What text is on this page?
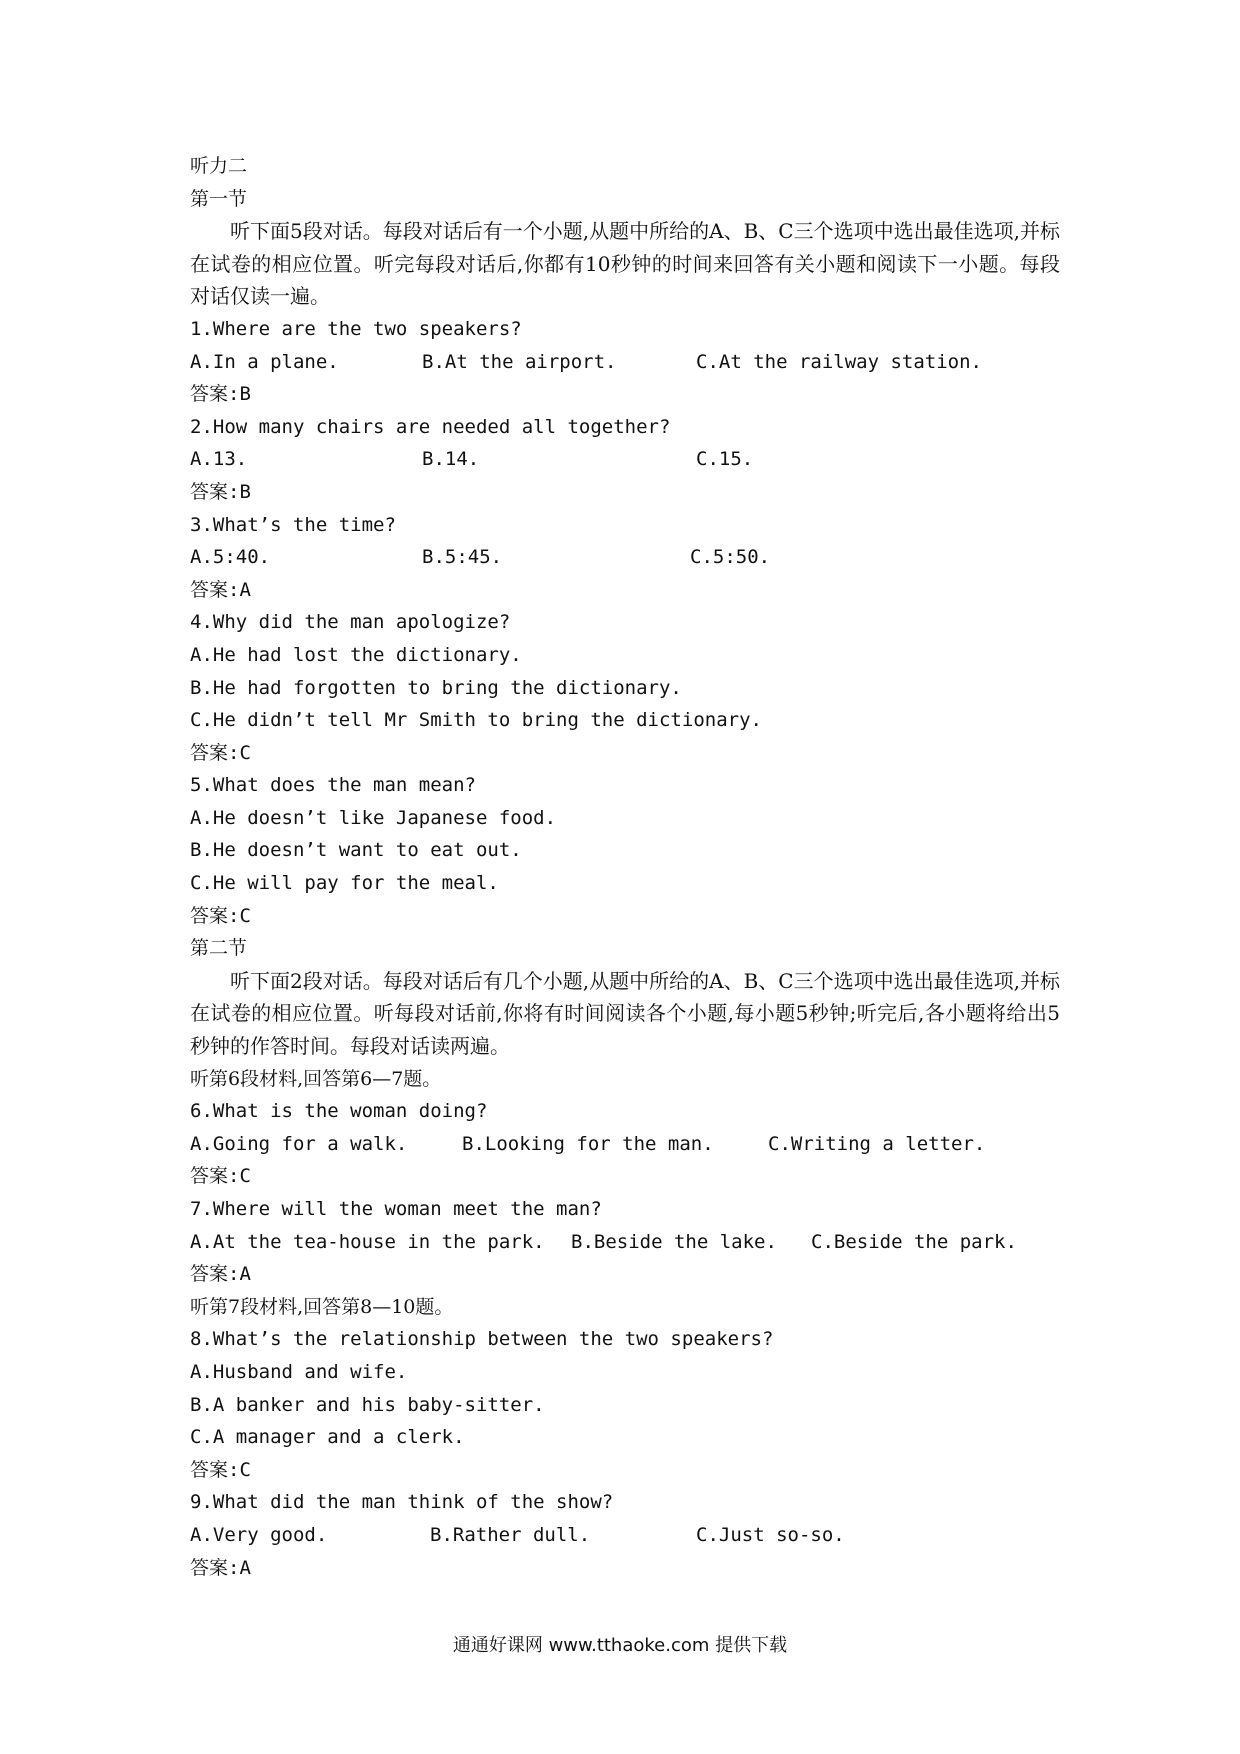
听力二
第一节

听下面5段对话。每段对话后有一个小题,从题中所给的A、B、C三个选项中选出最佳选项,并标在试卷的相应位置。听完每段对话后,你都有10秒钟的时间来回答有关小题和阅读下一小题。每段对话仅读一遍。

1.Where are the two speakers?
A.In a plane.	B.At the airport.	C.At the railway station.
答案:B
2.How many chairs are needed all together?
A.13.	B.14.	C.15.
答案:B
3.What’s the time?
A.5:40.	B.5:45.	C.5:50.
答案:A
4.Why did the man apologize?
A.He had lost the dictionary.
B.He had forgotten to bring the dictionary.
C.He didn’t tell Mr Smith to bring the dictionary.
答案:C
5.What does the man mean?
A.He doesn’t like Japanese food.
B.He doesn’t want to eat out.
C.He will pay for the meal.
答案:C
第二节

听下面2段对话。每段对话后有几个小题,从题中所给的A、B、C三个选项中选出最佳选项,并标在试卷的相应位置。听每段对话前,你将有时间阅读各个小题,每小题5秒钟;听完后,各小题将给出5秒钟的作答时间。每段对话读两遍。

听第6段材料,回答第6—7题。
6.What is the woman doing?
A.Going for a walk.	B.Looking for the man.	C.Writing a letter.
答案:C
7.Where will the woman meet the man?
A.At the tea-house in the park.	B.Beside the lake.	C.Beside the park.
答案:A
听第7段材料,回答第8—10题。
8.What’s the relationship between the two speakers?
A.Husband and wife.
B.A banker and his baby-sitter.
C.A manager and a clerk.
答案:C
9.What did the man think of the show?
A.Very good.	B.Rather dull.	C.Just so-so.
答案:A
通通好课网 www.tthaoke.com 提供下载
